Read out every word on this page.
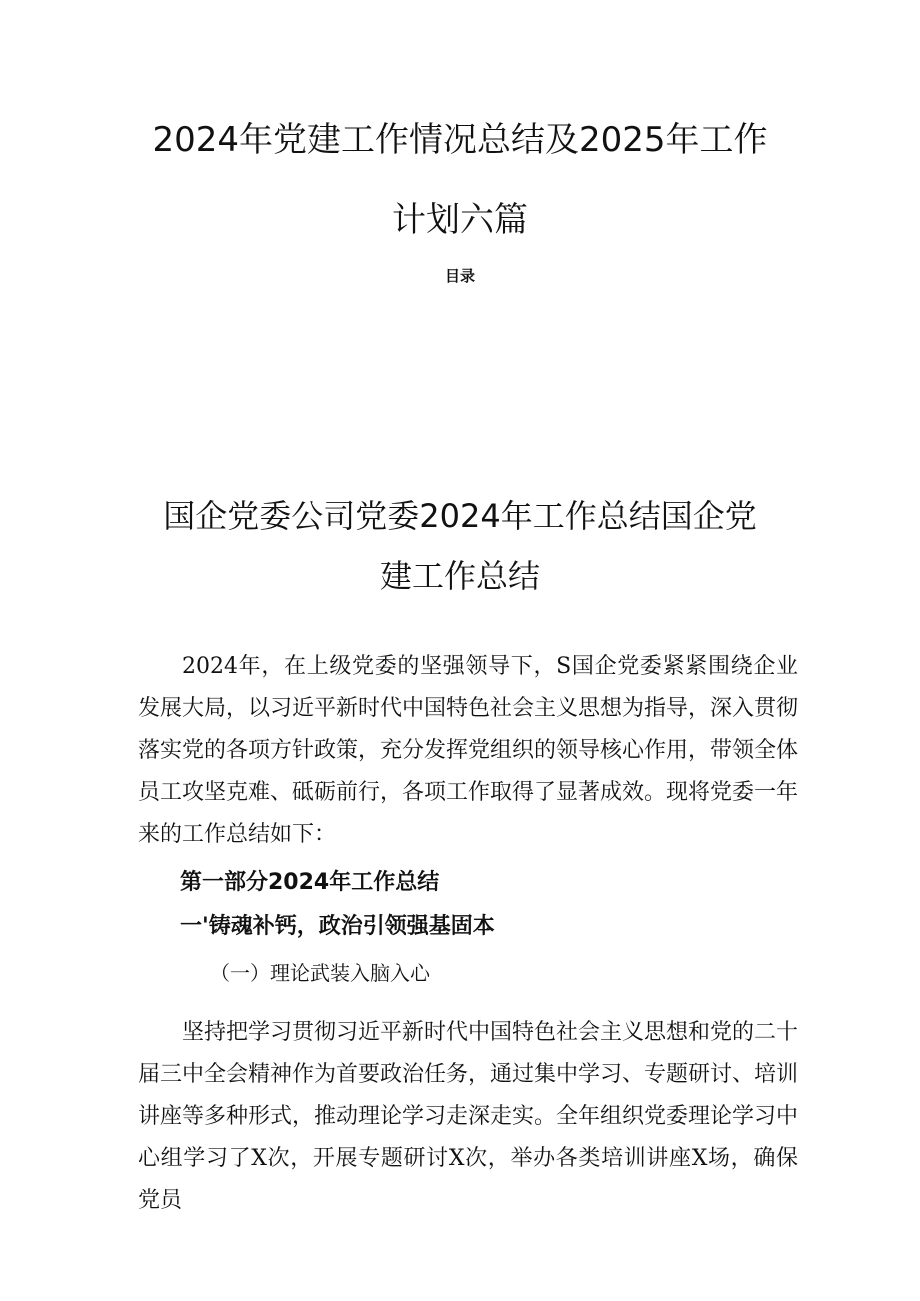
2024年党建工作情况总结及2025年工作
计划六篇
目录
国企党委公司党委2024年工作总结国企党
建工作总结

2024年，在上级党委的坚强领导下，S国企党委紧紧围绕企业发展大局，以习近平新时代中国特色社会主义思想为指导，深入贯彻落实党的各项方针政策，充分发挥党组织的领导核心作用，带领全体员工攻坚克难、砥砺前行，各项工作取得了显著成效。现将党委一年来的工作总结如下：

第一部分2024年工作总结
一'铸魂补钙，政治引领强基固本
（一）理论武装入脑入心

坚持把学习贯彻习近平新时代中国特色社会主义思想和党的二十届三中全会精神作为首要政治任务，通过集中学习、专题研讨、培训讲座等多种形式，推动理论学习走深走实。全年组织党委理论学习中心组学习了X次，开展专题研讨X次，举办各类培训讲座X场，确保党员
